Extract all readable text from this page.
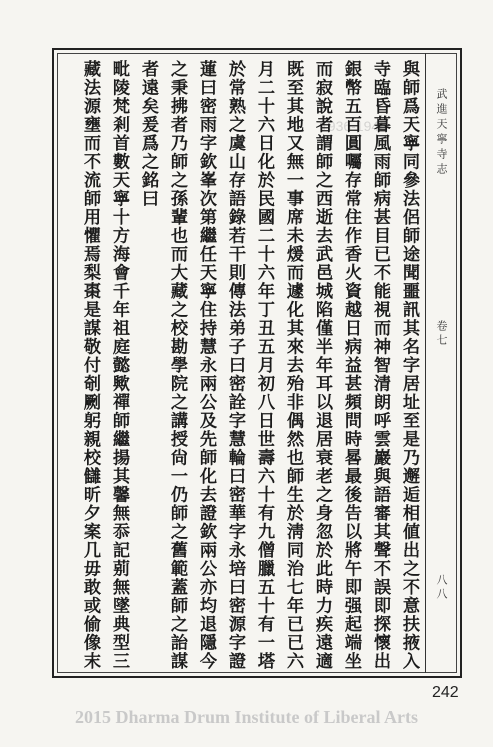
武進天寧寺志
卷七
八八
1936-1946 與師爲天寧同參法侶師途聞噩訊其名字居址至是乃邂逅相値出之不意扶掖入
寺臨昏暮風雨師病甚目已不能視而神智清朗呼雲巖與語審其聲不誤即探懷出
銀幣五百圓囑存常住作香火資越日病益甚頻問時晷最後告以將午即强起端坐
而寂說者謂師之西逝去武邑城陷僅半年耳以退居衰老之身忽於此時力疾遠適
既至其地又無一事席未煖而遽化其來去殆非偶然也師生於淸同治七年已已六
月二十六日化於民國二十六年丁丑五月初八日世壽六十有九僧臘五十有一塔
於常熟之虞山存語錄若干則傳法弟子曰密詮字慧輪曰密華字永培曰密源字證
蓮曰密雨字欽峯次第繼任天寧住持慧永兩公及先師化去證欽兩公亦均退隱今
之秉拂者乃師之孫輩也而大藏之校勘學院之講授尙一仍師之舊範蓋師之詒謀
者遠矣爰爲之銘曰
毗陵梵剎首數天寧十方海會千年祖庭懿歟禪師繼揚其馨無忝記莂無墜典型三
藏法源壅而不流師用懼焉梨棗是謀敬付剞劂躬親校讎昕夕案几毋敢或偷像末
242
2015 Dharma Drum Institute of Liberal Arts
